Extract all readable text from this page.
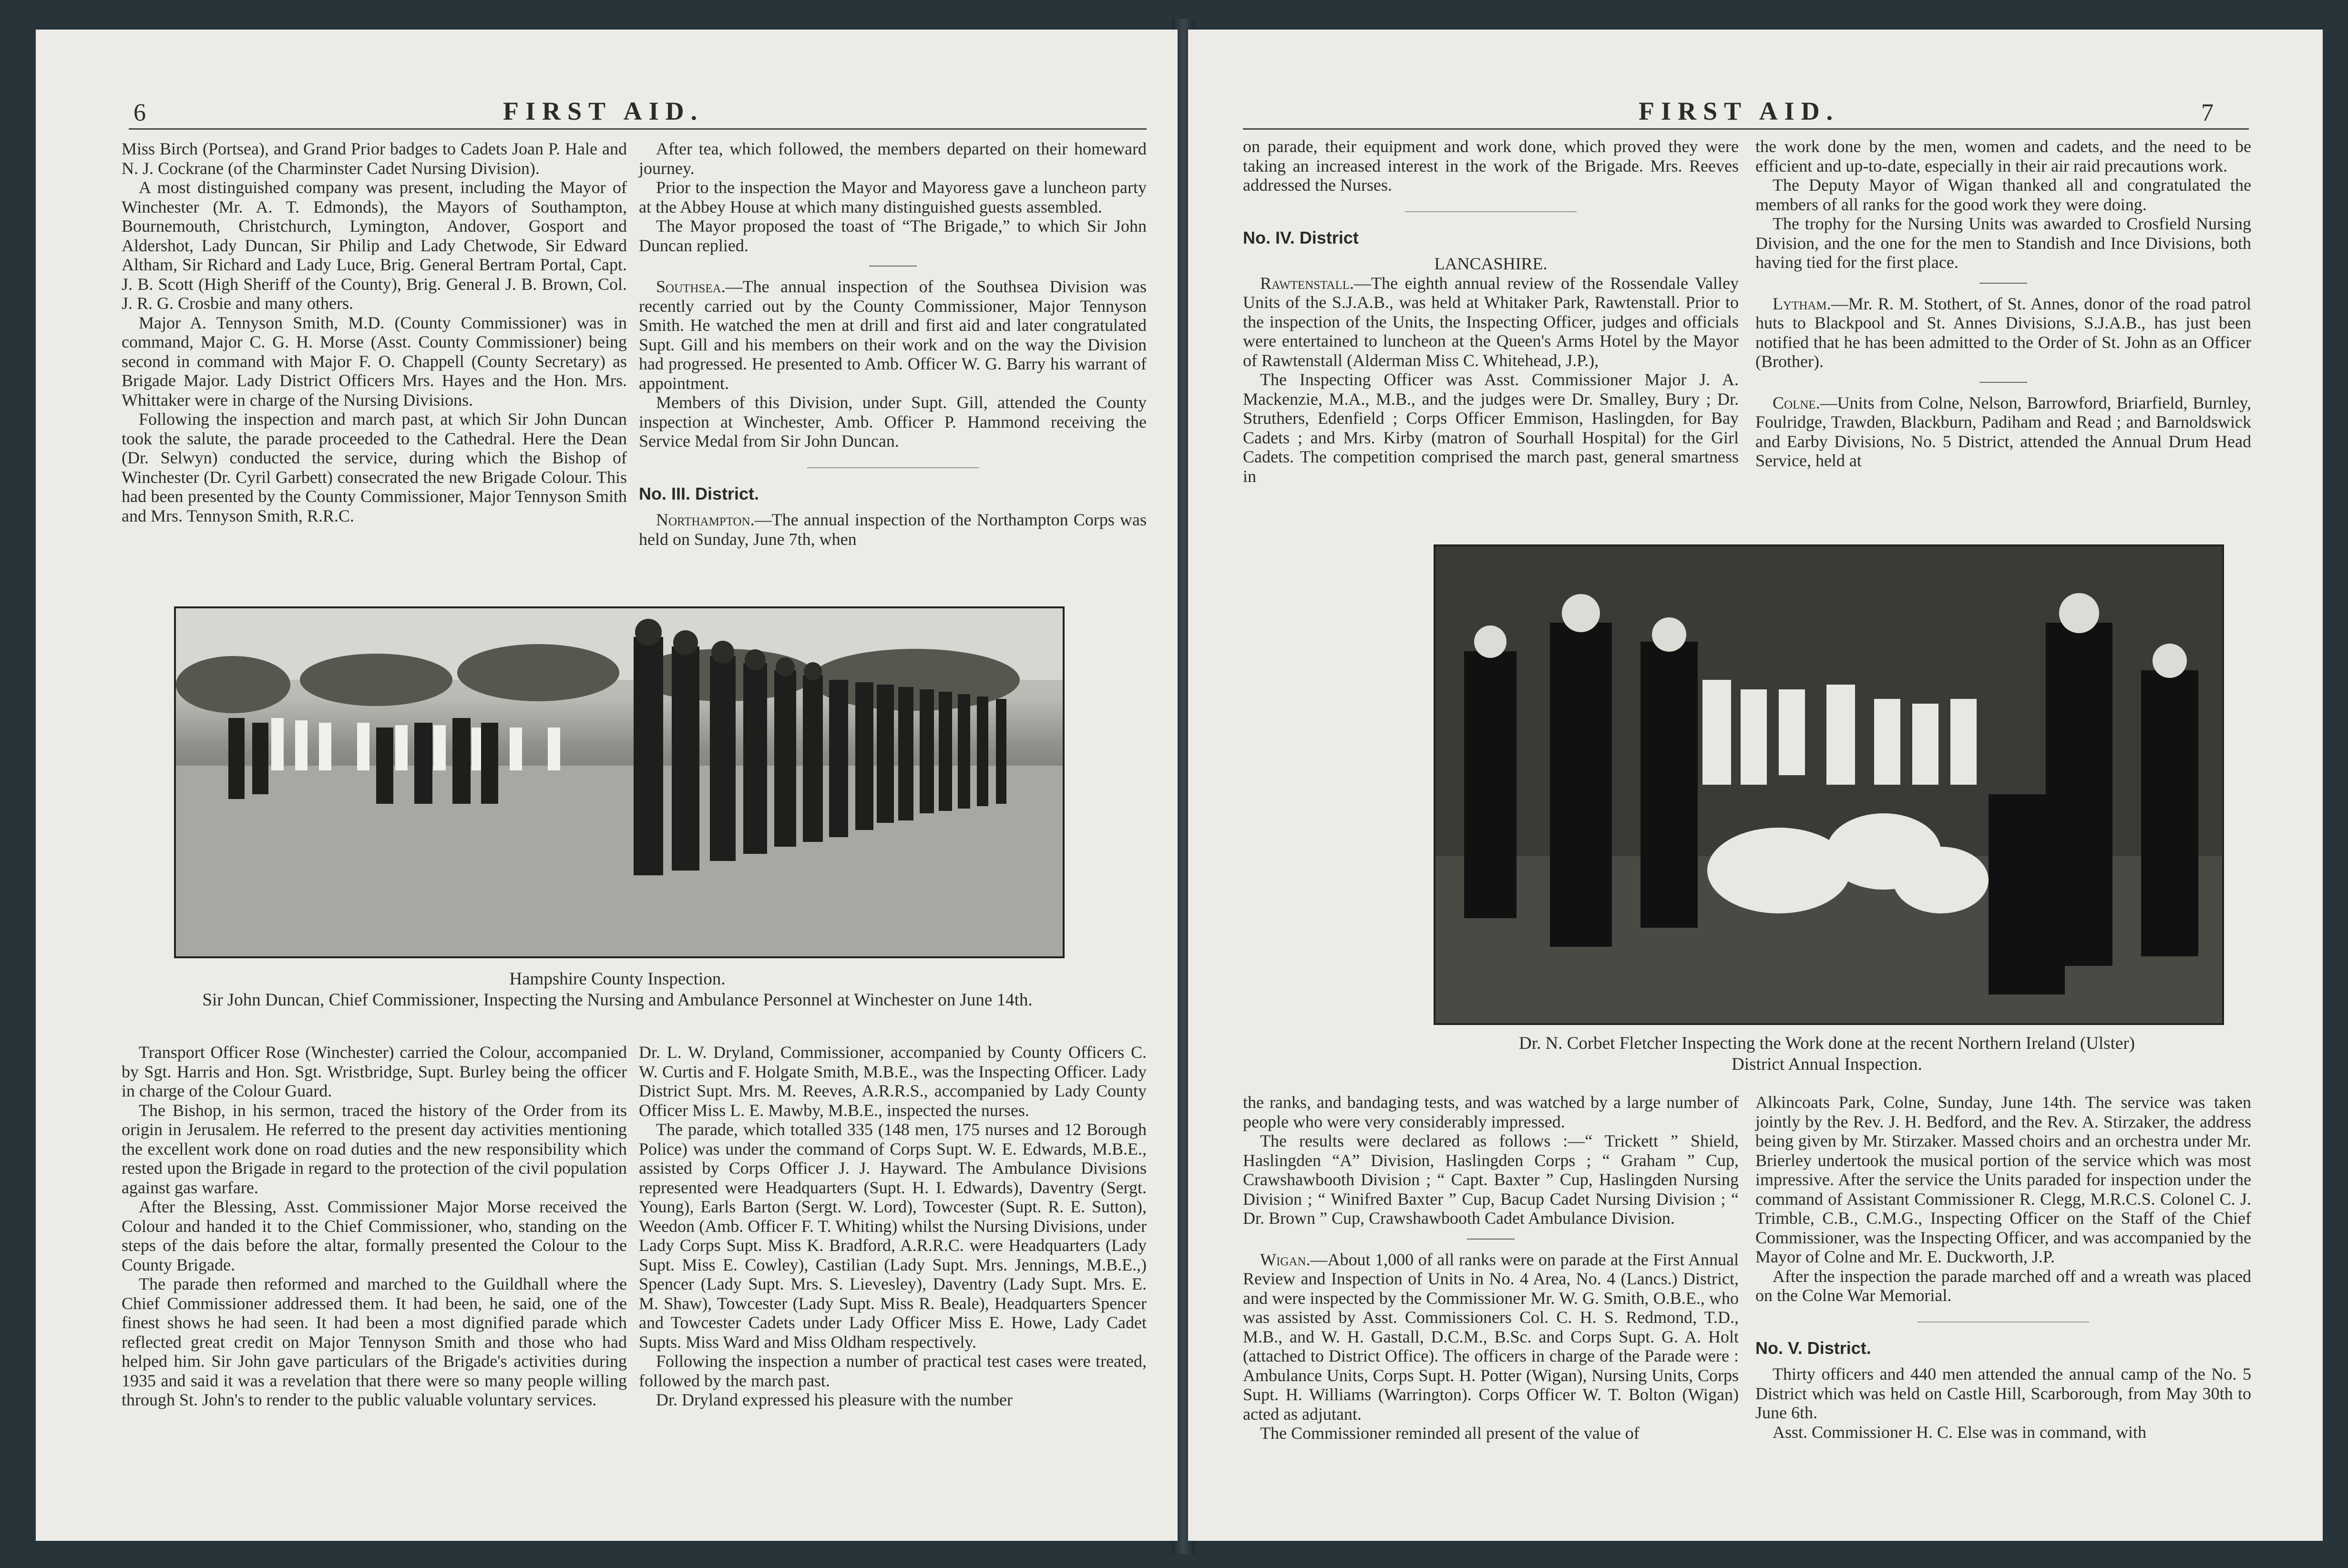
6	FIRST AID.

Miss Birch (Portsea), and Grand Prior badges to Cadets Joan P. Hale and N. J. Cockrane (of the Charminster Cadet Nursing Division).

A most distinguished company was present, including the Mayor of Winchester (Mr. A. T. Edmonds), the Mayors of Southampton, Bournemouth, Christchurch, Lymington, Andover, Gosport and Aldershot, Lady Duncan, Sir Philip and Lady Chetwode, Sir Edward Altham, Sir Richard and Lady Luce, Brig. General Bertram Portal, Capt. J. B. Scott (High Sheriff of the County), Brig. General J. B. Brown, Col. J. R. G. Crosbie and many others.

Major A. Tennyson Smith, M.D. (County Commissioner) was in command, Major C. G. H. Morse (Asst. County Commissioner) being second in command with Major F. O. Chappell (County Secretary) as Brigade Major. Lady District Officers Mrs. Hayes and the Hon. Mrs. Whittaker were in charge of the Nursing Divisions.

Following the inspection and march past, at which Sir John Duncan took the salute, the parade proceeded to the Cathedral. Here the Dean (Dr. Selwyn) conducted the service, during which the Bishop of Winchester (Dr. Cyril Garbett) consecrated the new Brigade Colour. This had been presented by the County Commissioner, Major Tennyson Smith and Mrs. Tennyson Smith, R.R.C.

After tea, which followed, the members departed on their homeward journey.

Prior to the inspection the Mayor and Mayoress gave a luncheon party at the Abbey House at which many distinguished guests assembled.

The Mayor proposed the toast of “The Brigade,” to which Sir John Duncan replied.

Southsea.—The annual inspection of the Southsea Division was recently carried out by the County Commissioner, Major Tennyson Smith. He watched the men at drill and first aid and later congratulated Supt. Gill and his members on their work and on the way the Division had progressed. He presented to Amb. Officer W. G. Barry his warrant of appointment.

Members of this Division, under Supt. Gill, attended the County inspection at Winchester, Amb. Officer P. Hammond receiving the Service Medal from Sir John Duncan.

No. III. District.

Northampton.—The annual inspection of the Northampton Corps was held on Sunday, June 7th, when

Hampshire County Inspection.
Sir John Duncan, Chief Commissioner, Inspecting the Nursing and Ambulance Personnel at Winchester on June 14th.

Transport Officer Rose (Winchester) carried the Colour, accompanied by Sgt. Harris and Hon. Sgt. Wristbridge, Supt. Burley being the officer in charge of the Colour Guard.

The Bishop, in his sermon, traced the history of the Order from its origin in Jerusalem. He referred to the present day activities mentioning the excellent work done on road duties and the new responsibility which rested upon the Brigade in regard to the protection of the civil population against gas warfare.

After the Blessing, Asst. Commissioner Major Morse received the Colour and handed it to the Chief Commissioner, who, standing on the steps of the dais before the altar, formally presented the Colour to the County Brigade.

The parade then reformed and marched to the Guildhall where the Chief Commissioner addressed them. It had been, he said, one of the finest shows he had seen. It had been a most dignified parade which reflected great credit on Major Tennyson Smith and those who had helped him. Sir John gave particulars of the Brigade's activities during 1935 and said it was a revelation that there were so many people willing through St. John's to render to the public valuable voluntary services.

Dr. L. W. Dryland, Commissioner, accompanied by County Officers C. W. Curtis and F. Holgate Smith, M.B.E., was the Inspecting Officer. Lady District Supt. Mrs. M. Reeves, A.R.R.S., accompanied by Lady County Officer Miss L. E. Mawby, M.B.E., inspected the nurses.

The parade, which totalled 335 (148 men, 175 nurses and 12 Borough Police) was under the command of Corps Supt. W. E. Edwards, M.B.E., assisted by Corps Officer J. J. Hayward. The Ambulance Divisions represented were Headquarters (Supt. H. I. Edwards), Daventry (Sergt. Young), Earls Barton (Sergt. W. Lord), Towcester (Supt. R. E. Sutton), Weedon (Amb. Officer F. T. Whiting) whilst the Nursing Divisions, under Lady Corps Supt. Miss K. Bradford, A.R.R.C. were Headquarters (Lady Supt. Miss E. Cowley), Castilian (Lady Supt. Mrs. Jennings, M.B.E.,) Spencer (Lady Supt. Mrs. S. Lievesley), Daventry (Lady Supt. Mrs. E. M. Shaw), Towcester (Lady Supt. Miss R. Beale), Headquarters Spencer and Towcester Cadets under Lady Officer Miss E. Howe, Lady Cadet Supts. Miss Ward and Miss Oldham respectively.

Following the inspection a number of practical test cases were treated, followed by the march past.

Dr. Dryland expressed his pleasure with the number

FIRST AID.	7

on parade, their equipment and work done, which proved they were taking an increased interest in the work of the Brigade. Mrs. Reeves addressed the Nurses.

No. IV. District

LANCASHIRE.

Rawtenstall.—The eighth annual review of the Rossendale Valley Units of the S.J.A.B., was held at Whitaker Park, Rawtenstall. Prior to the inspection of the Units, the Inspecting Officer, judges and officials were entertained to luncheon at the Queen's Arms Hotel by the Mayor of Rawtenstall (Alderman Miss C. Whitehead, J.P.),

The Inspecting Officer was Asst. Commissioner Major J. A. Mackenzie, M.A., M.B., and the judges were Dr. Smalley, Bury ; Dr. Struthers, Edenfield ; Corps Officer Emmison, Haslingden, for Bay Cadets ; and Mrs. Kirby (matron of Sourhall Hospital) for the Girl Cadets. The competition comprised the march past, general smartness in

the work done by the men, women and cadets, and the need to be efficient and up-to-date, especially in their air raid precautions work.

The Deputy Mayor of Wigan thanked all and congratulated the members of all ranks for the good work they were doing.

The trophy for the Nursing Units was awarded to Crosfield Nursing Division, and the one for the men to Standish and Ince Divisions, both having tied for the first place.

Lytham.—Mr. R. M. Stothert, of St. Annes, donor of the road patrol huts to Blackpool and St. Annes Divisions, S.J.A.B., has just been notified that he has been admitted to the Order of St. John as an Officer (Brother).

Colne.—Units from Colne, Nelson, Barrowford, Briarfield, Burnley, Foulridge, Trawden, Blackburn, Padiham and Read ; and Barnoldswick and Earby Divisions, No. 5 District, attended the Annual Drum Head Service, held at

Dr. N. Corbet Fletcher Inspecting the Work done at the recent Northern Ireland (Ulster)
District Annual Inspection.

the ranks, and bandaging tests, and was watched by a large number of people who were very considerably impressed.

The results were declared as follows :—“ Trickett ” Shield, Haslingden “A” Division, Haslingden Corps ; “ Graham ” Cup, Crawshawbooth Division ; “ Capt. Baxter ” Cup, Haslingden Nursing Division ; “ Winifred Baxter ” Cup, Bacup Cadet Nursing Division ; “ Dr. Brown ” Cup, Crawshawbooth Cadet Ambulance Division.

Wigan.—About 1,000 of all ranks were on parade at the First Annual Review and Inspection of Units in No. 4 Area, No. 4 (Lancs.) District, and were inspected by the Commissioner Mr. W. G. Smith, O.B.E., who was assisted by Asst. Commissioners Col. C. H. S. Redmond, T.D., M.B., and W. H. Gastall, D.C.M., B.Sc. and Corps Supt. G. A. Holt (attached to District Office). The officers in charge of the Parade were : Ambulance Units, Corps Supt. H. Potter (Wigan), Nursing Units, Corps Supt. H. Williams (Warrington). Corps Officer W. T. Bolton (Wigan) acted as adjutant.

The Commissioner reminded all present of the value of

Alkincoats Park, Colne, Sunday, June 14th. The service was taken jointly by the Rev. J. H. Bedford, and the Rev. A. Stirzaker, the address being given by Mr. Stirzaker. Massed choirs and an orchestra under Mr. Brierley undertook the musical portion of the service which was most impressive. After the service the Units paraded for inspection under the command of Assistant Commissioner R. Clegg, M.R.C.S. Colonel C. J. Trimble, C.B., C.M.G., Inspecting Officer on the Staff of the Chief Commissioner, was the Inspecting Officer, and was accompanied by the Mayor of Colne and Mr. E. Duckworth, J.P.

After the inspection the parade marched off and a wreath was placed on the Colne War Memorial.

No. V. District.

Thirty officers and 440 men attended the annual camp of the No. 5 District which was held on Castle Hill, Scarborough, from May 30th to June 6th.

Asst. Commissioner H. C. Else was in command, with
